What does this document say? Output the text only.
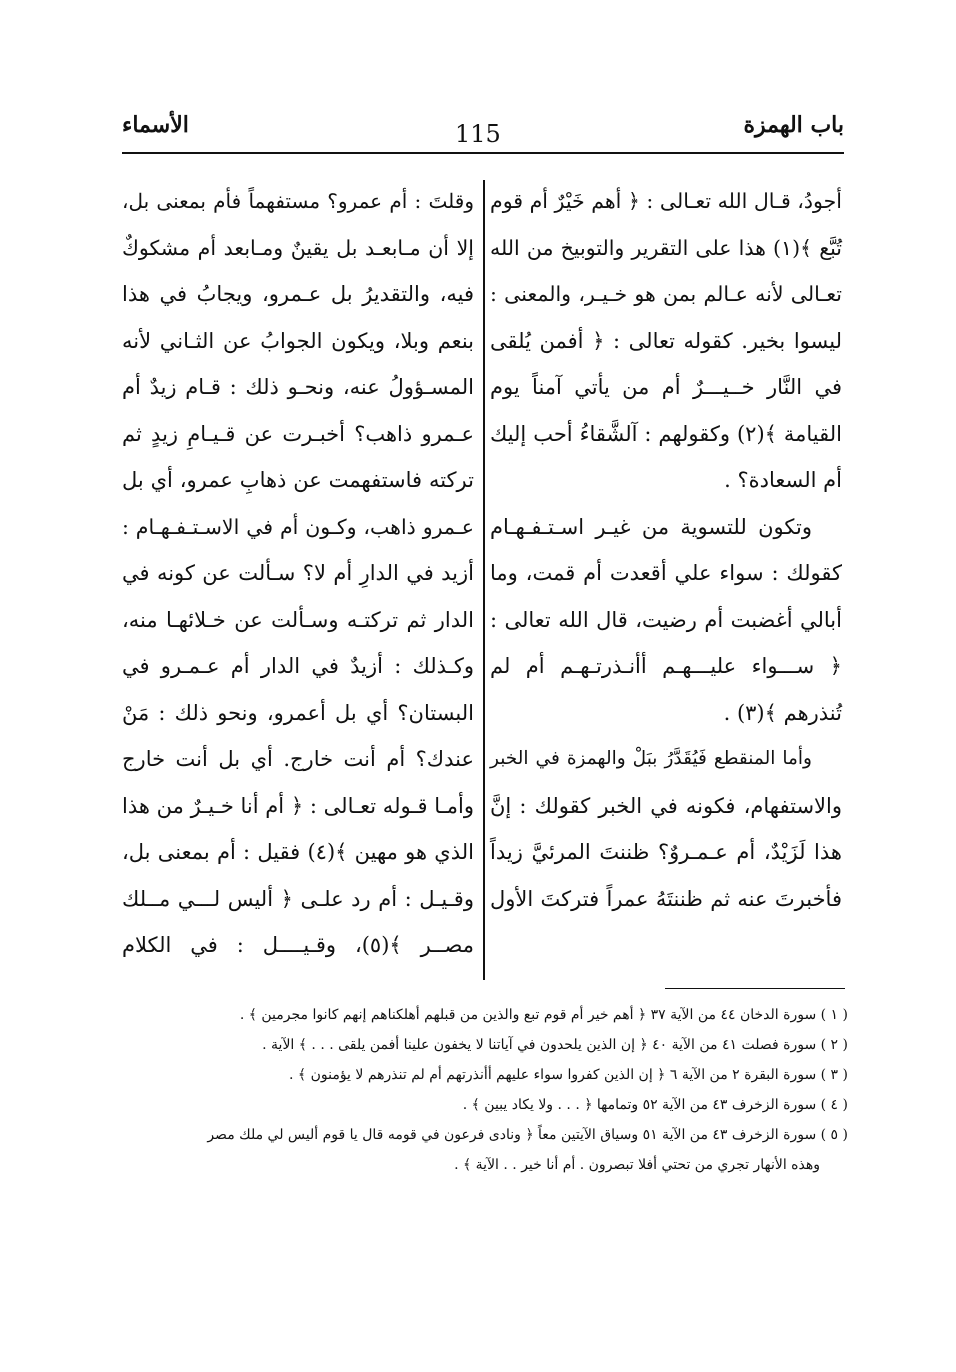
باب الهمزة
115
الأسماء
أجودُ، قـال الله تعـالى : ﴿ أهم خَيْرٌ أم قوم
تُبَّع ﴾(١) هذا على التقرير والتوبيخ من الله
تعـالى لأنه عـالم بمن هو خـيـر، والمعنى :
ليسوا بخير. كقوله تعالى : ﴿ أفمن يُلقى
في النَّار خــيـــرٌ أم من يأتي آمناً يوم
القيامة ﴾(٢) وكقولهم : آلشَّقاءُ أحب إليك
أم السعادة؟ .
وتكون للتسوية من غيـر اسـتـفـهـام
كقولك : سواء علي أقعدت أم قمت، وما
أبالي أغضبت أم رضيت، قال الله تعالى :
﴿ ســـواء عليـــهـم أأنـذرتـهـم أم لم
تُنذرهم ﴾(٣) .
وأما المنقطع فَيُقَدَّرُ ببَلْ والهمزة في الخبر
والاستفهام، فكونه في الخبر كقولك : إنَّ
هذا لَزَيْدٌ، أم عـمـروٌ؟ ظننتَ المرئيَّ زيداً
فأخبرتَ عنه ثم ظننتَهُ عمراً فتركتَ الأول
وقلتَ : أم عمرو؟ مستفهماً فأم بمعنى بل،
إلا أن مـابعـد بل يقينٌ ومـابعد أم مشكوكٌ
فيه، والتقديرُ بل عـمرو، ويجابُ في هذا
بنعم وبلا، ويكون الجوابُ عن الثـاني لأنه
المسـؤولُ عنه، ونحـو ذلك : قـام زيدٌ أم
عـمرو ذاهب؟ أخبـرت عن قـيـامِ زيدٍ ثم
تركته فاستفهمت عن ذهابِ عمرو، أي بل
عـمرو ذاهب، وكـون أم في الاسـتـفـهـام :
أزيد في الدارِ أم لا؟ سـألت عن كونه في
الدار ثم تركتـه وسـألت عن خـلائهـا منه،
وكـذلك : أزيدٌ في الدار أم عـمـرو في
البستان؟ أي بل أعمرو، ونحو ذلك : مَنْ
عندك؟ أم أنت خارج. أي بل أنت خارج
وأمـا قـوله تعـالى : ﴿ أم أنا خـيـرٌ من هذا
الذي هو مهين ﴾(٤) فقيل : أم بمعنى بل،
وقـيـل : أم رد علـى ﴿ أليس لـــي مــلك
مصــر ﴾(٥)، وقـيــــل : في الكلام
( ١ ) سورة الدخان ٤٤ من الآية ٣٧ ﴿ أهم خير أم قوم تبع والذين من قبلهم أهلكناهم إنهم كانوا مجرمين ﴾ .
( ٢ ) سورة فصلت ٤١ من الآية ٤٠ ﴿ إن الذين يلحدون في آياتنا لا يخفون علينا أفمن يلقى . . . ﴾ الآية .
( ٣ ) سورة البقرة ٢ من الآية ٦ ﴿ إن الذين كفروا سواء عليهم أأنذرتهم أم لم تنذرهم لا يؤمنون ﴾ .
( ٤ ) سورة الزخرف ٤٣ من الآية ٥٢ وتمامها ﴿ . . . ولا يكاد يبين ﴾ .
( ٥ ) سورة الزخرف ٤٣ من الآية ٥١ وسياق الآيتين معاً ﴿ ونادى فرعون في قومه قال يا قوم أليس لي ملك مصر
وهذه الأنهار تجري من تحتي أفلا تبصرون . أم أنا خير . . الآية ﴾ .
